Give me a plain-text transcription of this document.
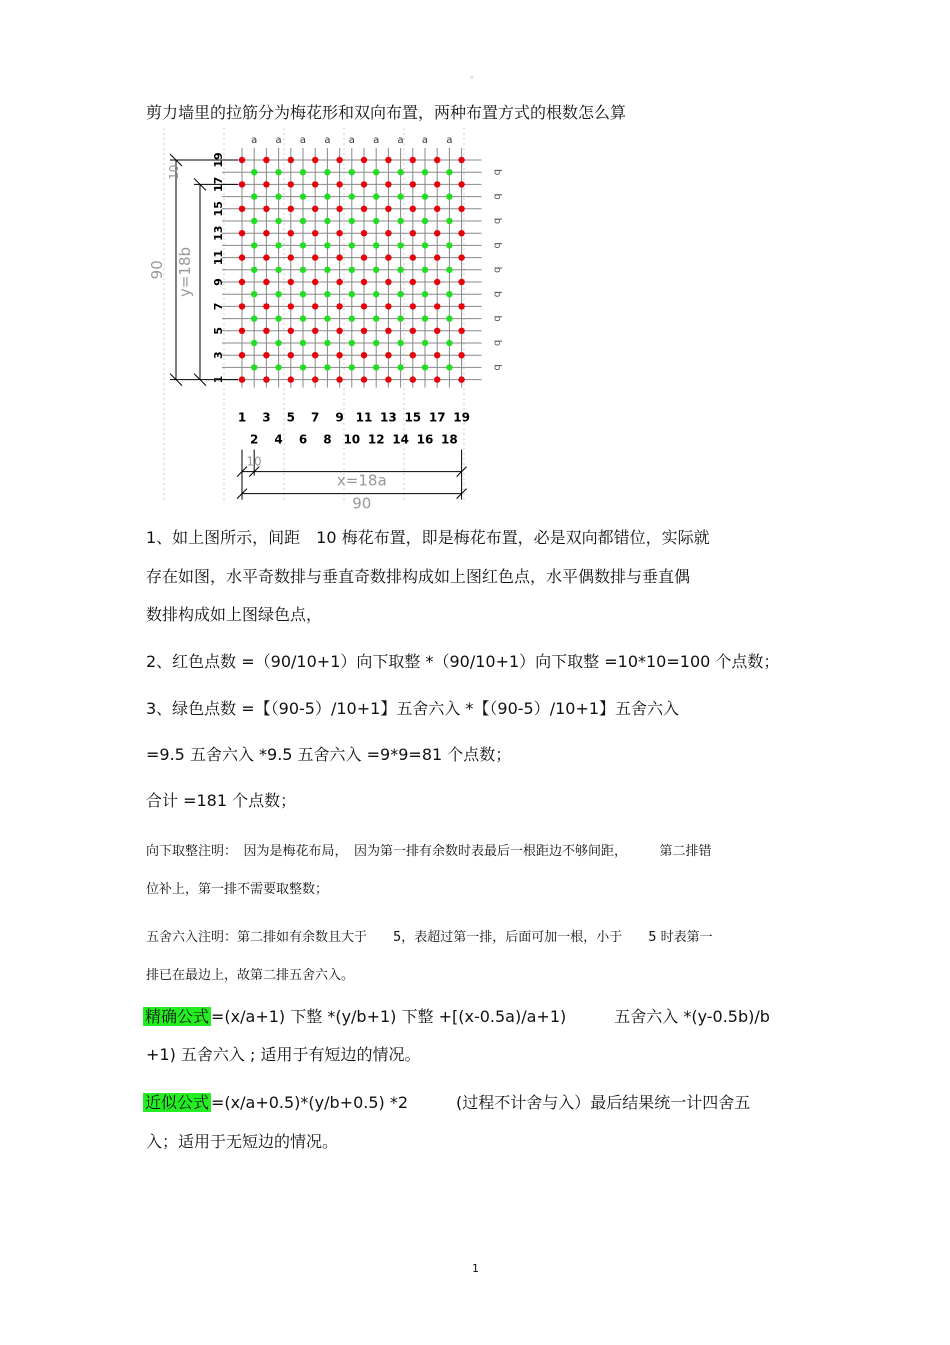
。
剪力墙里的拉筋分为梅花形和双向布置，两种布置方式的根数怎么算
a a a a a a a a a
b
b
b
b
b
b
b
b
b
19
17
15
13
11
9
7
5
3
1
1 3 5 7 9 11 13 15 17 19
2 4 6 8 10 12 14 16 18
90 y=18b
10
10
x=18a
90
1、如上图所示，间距　10 梅花布置，即是梅花布置，必是双向都错位，实际就
存在如图，水平奇数排与垂直奇数排构成如上图红色点，水平偶数排与垂直偶
数排构成如上图绿色点，
2、红色点数 =（90/10+1）向下取整 *（90/10+1）向下取整 =10*10=100 个点数；
3、绿色点数 =【（90-5）/10+1】五舍六入 *【（90-5）/10+1】五舍六入
=9.5 五舍六入 *9.5 五舍六入 =9*9=81 个点数；
合计 =181 个点数；
向下取整注明：　因为是梅花布局，　因为第一排有余数时表最后一根距边不够间距，　　　第二排错
位补上，第一排不需要取整数；
五舍六入注明：第二排如有余数且大于　　5，表超过第一排，后面可加一根，小于　　5 时表第一
排已在最边上，故第二排五舍六入。
精确公式 =(x/a+1) 下整 *(y/b+1) 下整 +[(x-0.5a)/a+1)　　　五舍六入 *(y-0.5b)/b
+1) 五舍六入 ; 适用于有短边的情况。
近似公式 =(x/a+0.5)*(y/b+0.5) *2　　　(过程不计舍与入）最后结果统一计四舍五
入；适用于无短边的情况。
1
